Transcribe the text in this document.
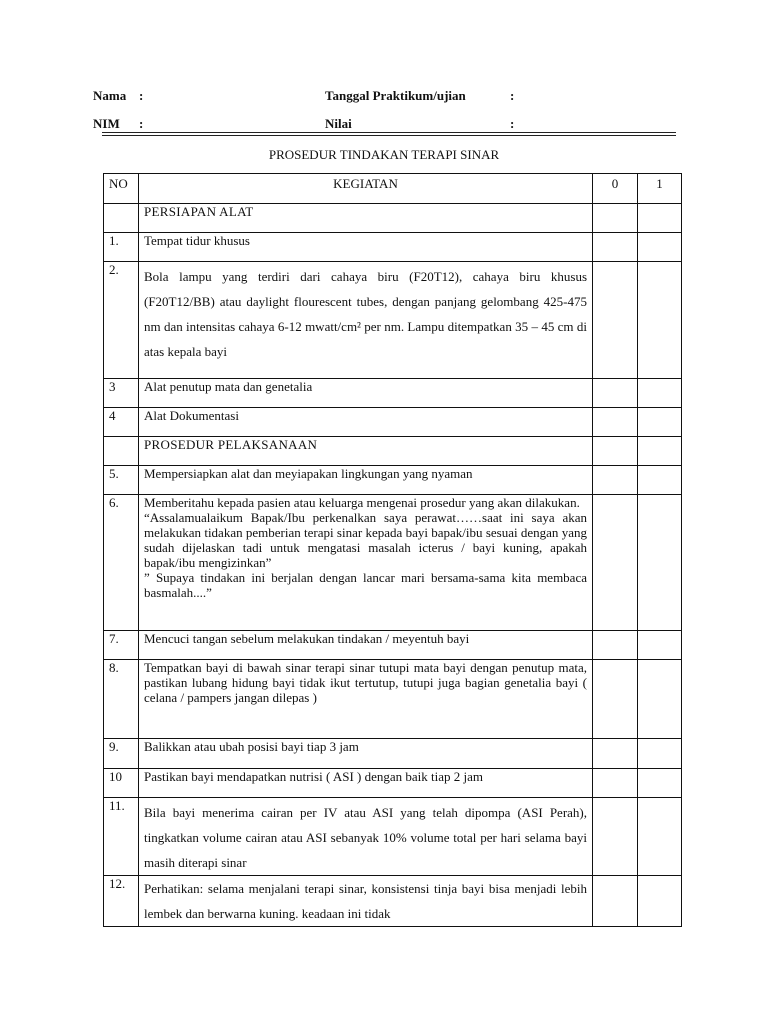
Nama :	Tanggal Praktikum/ujian	:
NIM :	Nilai	:
PROSEDUR TINDAKAN TERAPI SINAR
NO	KEGIATAN	0	1
	PERSIAPAN ALAT		
1.	Tempat tidur khusus		
2.	Bola lampu yang terdiri dari cahaya biru (F20T12), cahaya biru khusus (F20T12/BB) atau daylight flourescent tubes, dengan panjang gelombang 425-475 nm dan intensitas cahaya 6-12 mwatt/cm² per nm. Lampu ditempatkan 35 – 45 cm di atas kepala bayi		
3	Alat penutup mata dan genetalia		
4	Alat Dokumentasi		
	PROSEDUR PELAKSANAAN		
5.	Mempersiapkan alat dan meyiapakan lingkungan yang nyaman		
6.	Memberitahu kepada pasien atau keluarga mengenai prosedur yang akan dilakukan.
“Assalamualaikum Bapak/Ibu perkenalkan saya perawat……saat ini saya akan melakukan tidakan pemberian terapi sinar kepada bayi bapak/ibu sesuai dengan yang sudah dijelaskan tadi untuk mengatasi masalah icterus / bayi kuning, apakah bapak/ibu mengizinkan”
” Supaya tindakan ini berjalan dengan lancar mari bersama-sama kita membaca basmalah....”		

7.	Mencuci tangan sebelum melakukan tindakan / meyentuh bayi		
8.	Tempatkan bayi di bawah sinar terapi sinar tutupi mata bayi dengan penutup mata, pastikan lubang hidung bayi tidak ikut tertutup, tutupi juga bagian genetalia bayi ( celana / pampers jangan dilepas )		
9.	Balikkan atau ubah posisi bayi tiap 3 jam		
10	Pastikan bayi mendapatkan nutrisi ( ASI ) dengan baik tiap 2 jam		
11.	Bila bayi menerima cairan per IV atau ASI yang telah dipompa (ASI Perah), tingkatkan volume cairan atau ASI sebanyak 10% volume total per hari selama bayi masih diterapi sinar		
12.	Perhatikan: selama menjalani terapi sinar, konsistensi tinja bayi bisa menjadi lebih lembek dan berwarna kuning. keadaan ini tidak		
